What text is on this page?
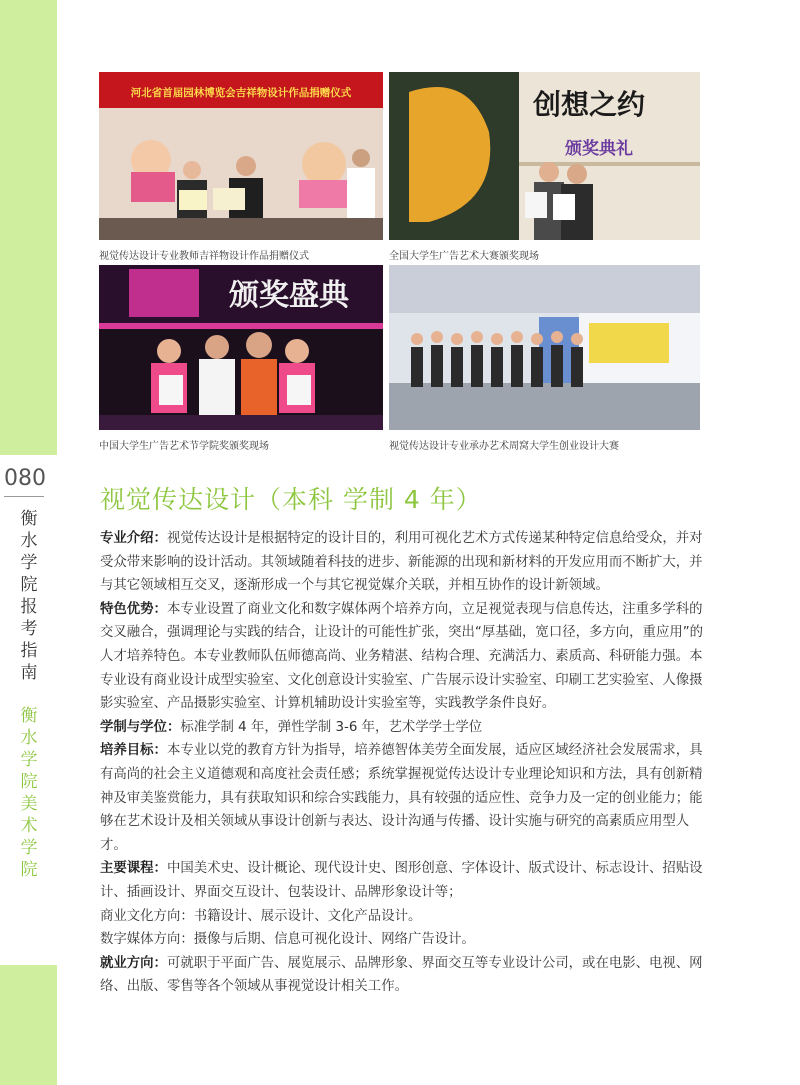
080
衡水学院报考指南
衡水学院美术学院
河北省首届园林博览会吉祥物设计作品捐赠仪式
视觉传达设计专业教师吉祥物设计作品捐赠仪式
创想之约
颁奖典礼
全国大学生广告艺术大赛颁奖现场
颁奖盛典
中国大学生广告艺术节学院奖颁奖现场	视觉传达设计专业承办艺术周窝大学生创业设计大赛
视觉传达设计（本科 学制 4 年）

专业介绍：视觉传达设计是根据特定的设计目的，利用可视化艺术方式传递某种特定信息给受众，并对受众带来影响的设计活动。其领域随着科技的进步、新能源的出现和新材料的开发应用而不断扩大，并与其它领域相互交叉，逐渐形成一个与其它视觉媒介关联，并相互协作的设计新领域。

特色优势：本专业设置了商业文化和数字媒体两个培养方向，立足视觉表现与信息传达，注重多学科的交叉融合，强调理论与实践的结合，让设计的可能性扩张，突出“厚基础，宽口径，多方向，重应用”的人才培养特色。本专业教师队伍师德高尚、业务精湛、结构合理、充满活力、素质高、科研能力强。本专业设有商业设计成型实验室、文化创意设计实验室、广告展示设计实验室、印刷工艺实验室、人像摄影实验室、产品摄影实验室、计算机辅助设计实验室等，实践教学条件良好。

学制与学位：标准学制 4 年，弹性学制 3-6 年，艺术学学士学位

培养目标：本专业以党的教育方针为指导，培养德智体美劳全面发展，适应区域经济社会发展需求，具有高尚的社会主义道德观和高度社会责任感；系统掌握视觉传达设计专业理论知识和方法，具有创新精神及审美鉴赏能力，具有获取知识和综合实践能力，具有较强的适应性、竞争力及一定的创业能力；能够在艺术设计及相关领域从事设计创新与表达、设计沟通与传播、设计实施与研究的高素质应用型人才。

主要课程：中国美术史、设计概论、现代设计史、图形创意、字体设计、版式设计、标志设计、招贴设计、插画设计、界面交互设计、包装设计、品牌形象设计等；

商业文化方向：书籍设计、展示设计、文化产品设计。

数字媒体方向：摄像与后期、信息可视化设计、网络广告设计。

就业方向：可就职于平面广告、展览展示、品牌形象、界面交互等专业设计公司，或在电影、电视、网络、出版、零售等各个领域从事视觉设计相关工作。
